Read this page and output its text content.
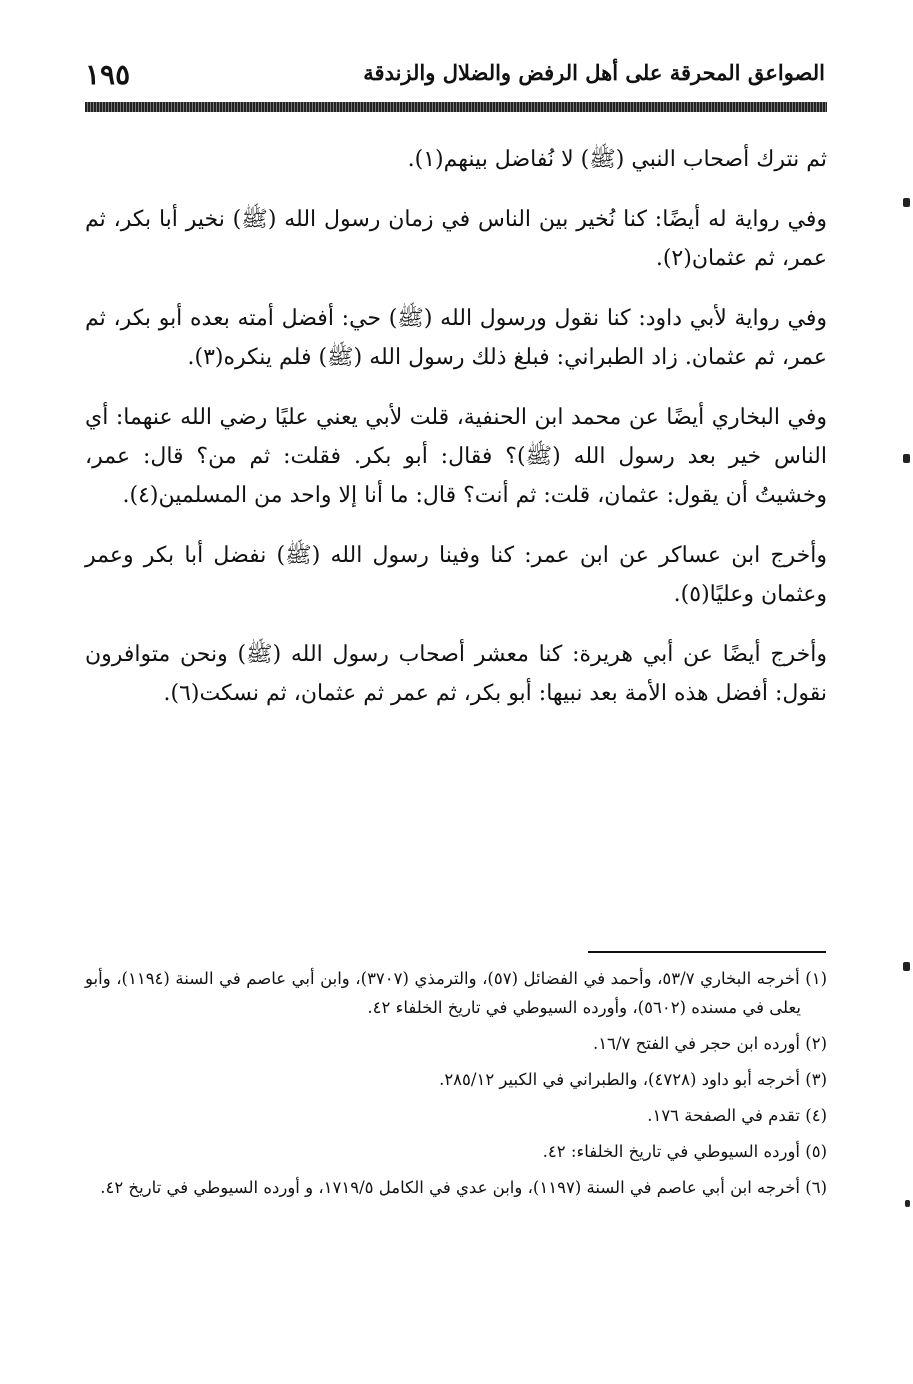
الصواعق المحرقة على أهل الرفض والضلال والزندقة
١٩٥

ثم نترك أصحاب النبي (ﷺ) لا نُفاضل بينهم(١).

وفي رواية له أيضًا: كنا نُخير بين الناس في زمان رسول الله (ﷺ) نخير أبا بكر، ثم عمر، ثم عثمان(٢).

وفي رواية لأبي داود: كنا نقول ورسول الله (ﷺ) حي: أفضل أمته بعده أبو بكر، ثم عمر، ثم عثمان. زاد الطبراني: فبلغ ذلك رسول الله (ﷺ) فلم ينكره(٣).

وفي البخاري أيضًا عن محمد ابن الحنفية، قلت لأبي يعني عليًا رضي الله عنهما: أي الناس خير بعد رسول الله (ﷺ)؟ فقال: أبو بكر. فقلت: ثم من؟ قال: عمر، وخشيتُ أن يقول: عثمان، قلت: ثم أنت؟ قال: ما أنا إلا واحد من المسلمين(٤).

وأخرج ابن عساكر عن ابن عمر: كنا وفينا رسول الله (ﷺ) نفضل أبا بكر وعمر وعثمان وعليًا(٥).

وأخرج أيضًا عن أبي هريرة: كنا معشر أصحاب رسول الله (ﷺ) ونحن متوافرون نقول: أفضل هذه الأمة بعد نبيها: أبو بكر، ثم عمر ثم عثمان، ثم نسكت(٦).

(١) أخرجه البخاري ٥٣/٧، وأحمد في الفضائل (٥٧)، والترمذي (٣٧٠٧)، وابن أبي عاصم في السنة (١١٩٤)، وأبو يعلى في مسنده (٥٦٠٢)، وأورده السيوطي في تاريخ الخلفاء ٤٢.

(٢) أورده ابن حجر في الفتح ١٦/٧.

(٣) أخرجه أبو داود (٤٧٢٨)، والطبراني في الكبير ٢٨٥/١٢.

(٤) تقدم في الصفحة ١٧٦.

(٥) أورده السيوطي في تاريخ الخلفاء: ٤٢.

(٦) أخرجه ابن أبي عاصم في السنة (١١٩٧)، وابن عدي في الكامل ١٧١٩/٥، و أورده السيوطي في تاريخ ٤٢.
